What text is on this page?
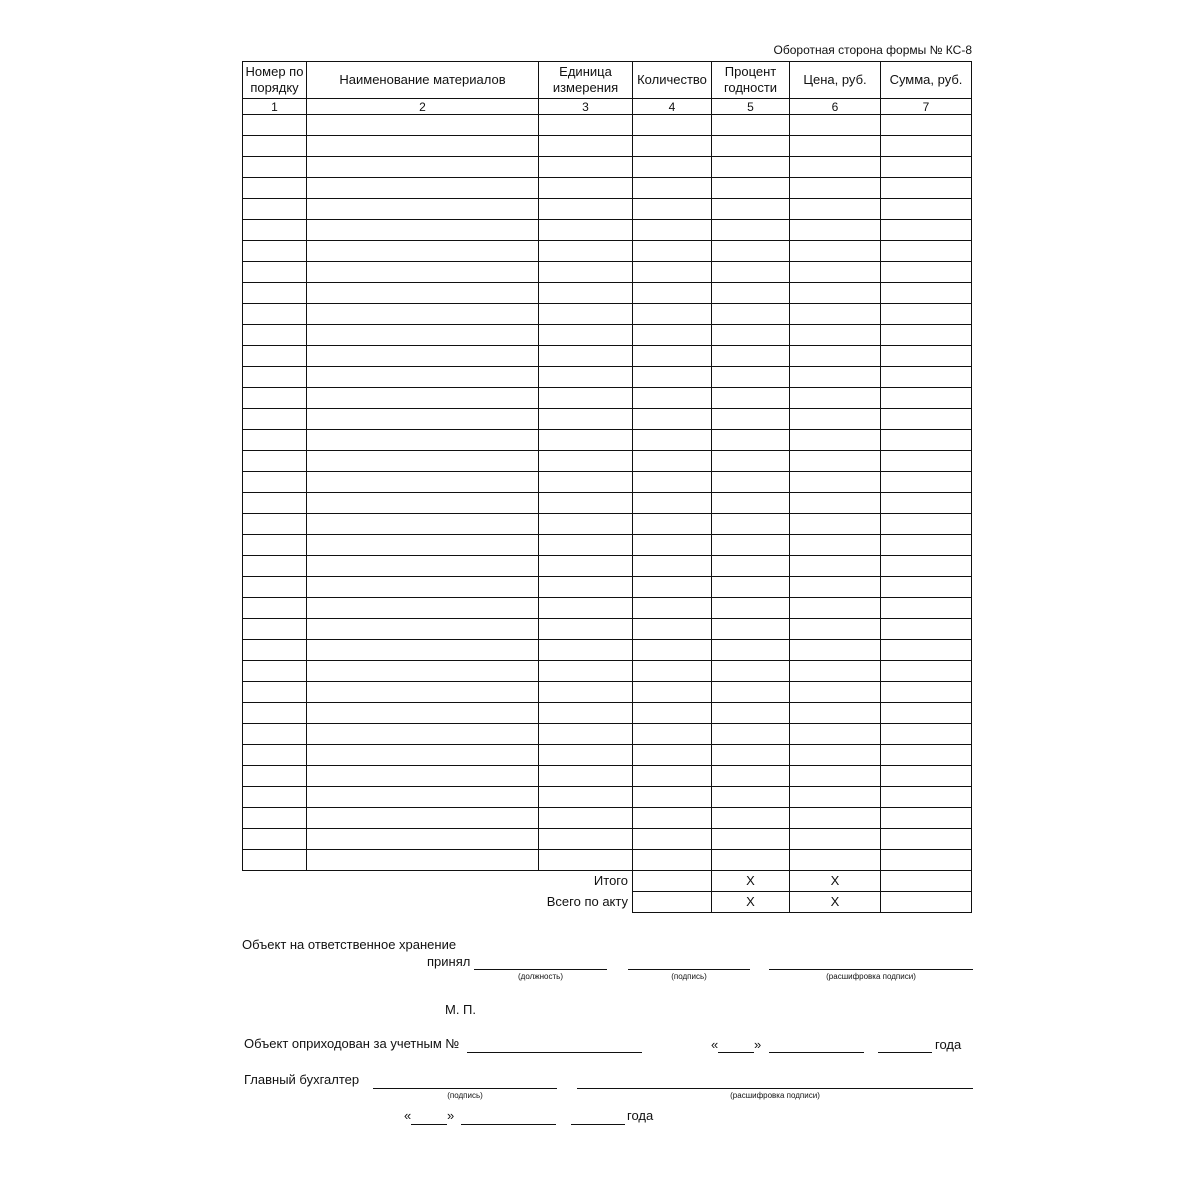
Оборотная сторона формы № КС-8
Номер по порядку	Наименование материалов	Единица измерения	Количество	Процент годности	Цена, руб.	Сумма, руб.
1	2	3	4	5	6	7

Итого				X	X	
Всего по акту				X	X	
Объект на ответственное хранение
принял
(должность)	(подпись)	(расшифровка подписи)
М. П.
Объект оприходован за учетным №	«	»	года
Главный бухгалтер
(подпись)	(расшифровка подписи)
«	»	года
